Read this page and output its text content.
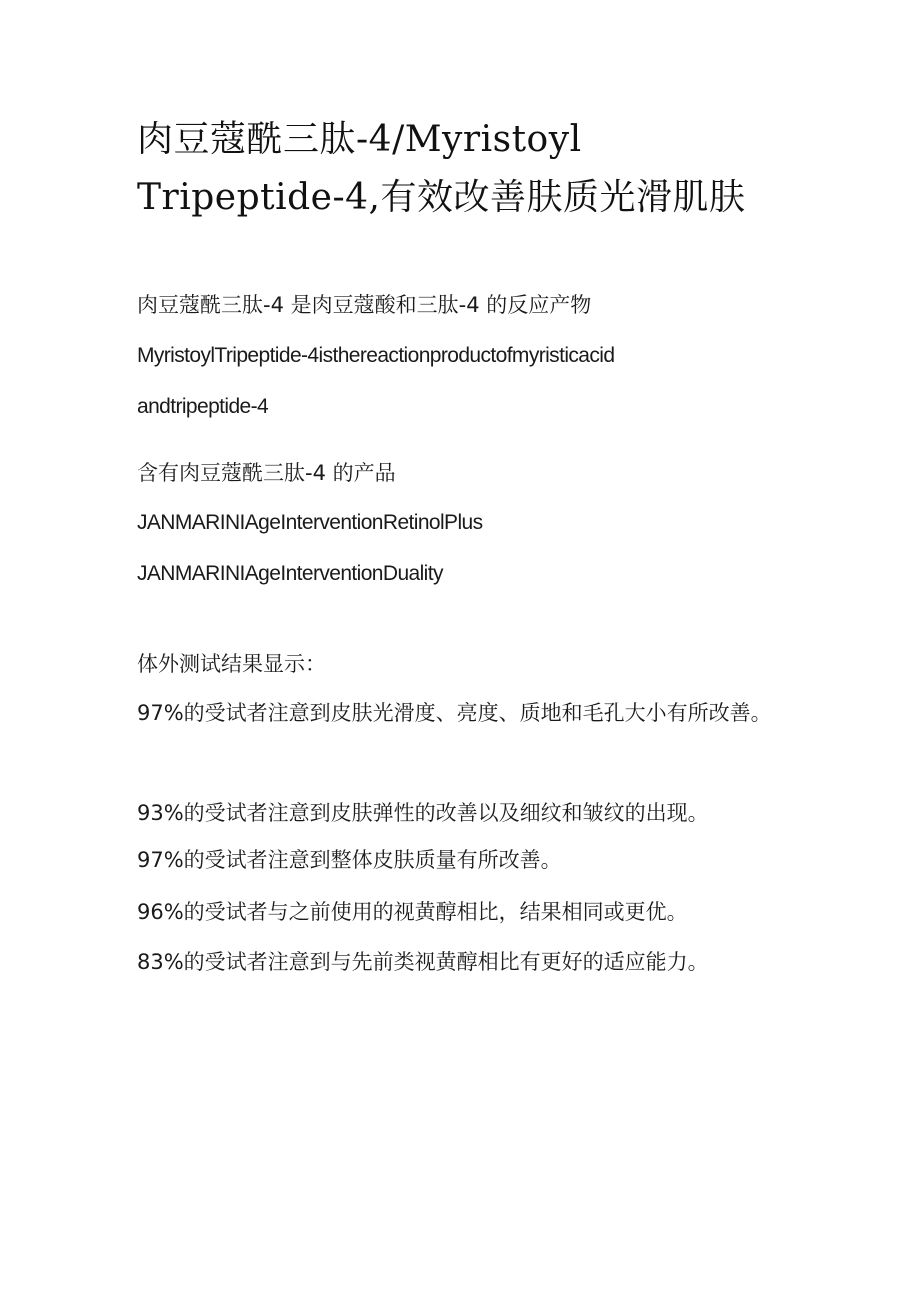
肉豆蔻酰三肽-4/Myristoyl
Tripeptide-4,有效改善肤质光滑肌肤

肉豆蔻酰三肽-4 是肉豆蔻酸和三肽-4 的反应产物

MyristoylTripeptide-4isthereactionproductofmyristicacid

andtripeptide-4

含有肉豆蔻酰三肽-4 的产品

JANMARINIAgeInterventionRetinolPlus

JANMARINIAgeInterventionDuality

体外测试结果显示：

97%的受试者注意到皮肤光滑度、亮度、质地和毛孔大小有所改善。

93%的受试者注意到皮肤弹性的改善以及细纹和皱纹的出现。

97%的受试者注意到整体皮肤质量有所改善。

96%的受试者与之前使用的视黄醇相比，结果相同或更优。

83%的受试者注意到与先前类视黄醇相比有更好的适应能力。
